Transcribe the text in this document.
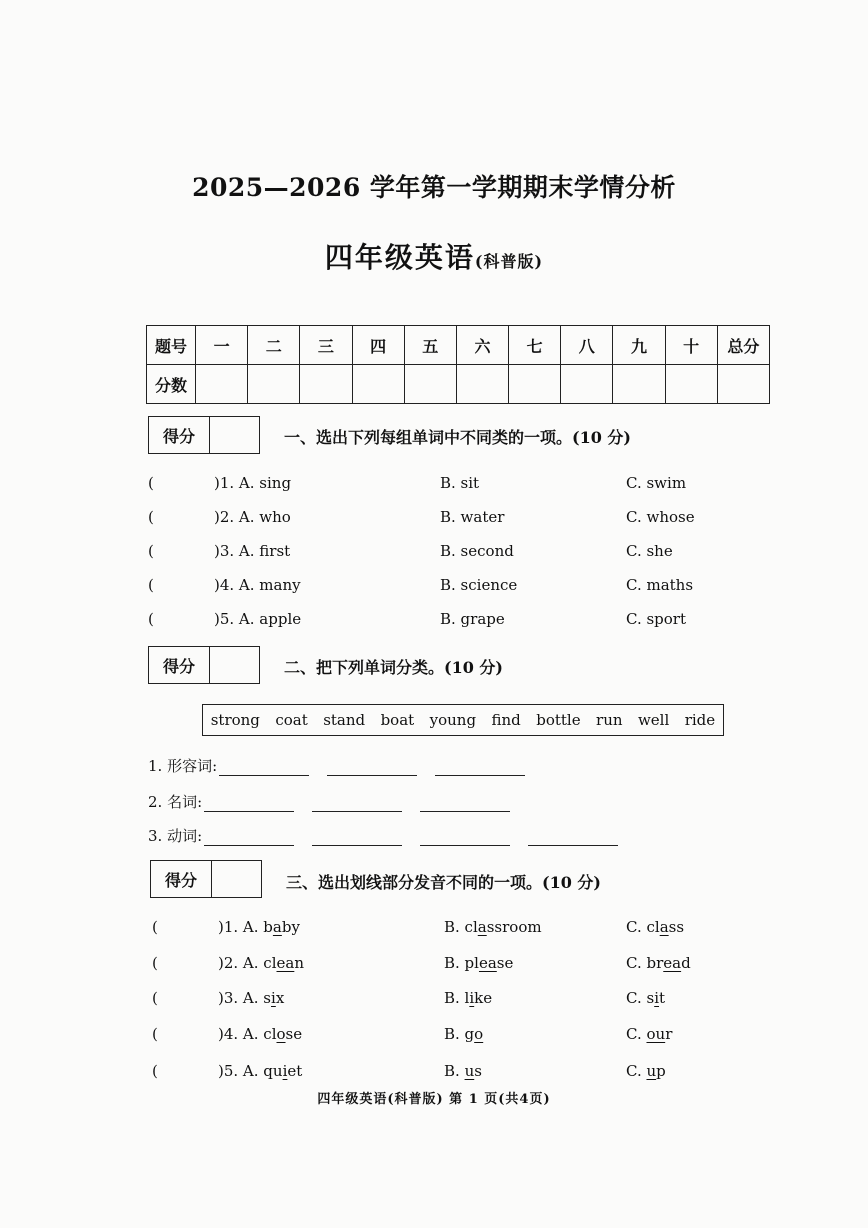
2025—2026 学年第一学期期末学情分析
四年级英语(科普版)
题号	一	二	三	四	五	六	七	八	九	十	总分
分数											
得分	一、选出下列每组单词中不同类的一项。(10 分)
(	)1. A. sing	B. sit	C. swim
(	)2. A. who	B. water	C. whose
(	)3. A. first	B. second	C. she
(	)4. A. many	B. science	C. maths
(	)5. A. apple	B. grape	C. sport
得分	二、把下列单词分类。(10 分)
strong coat stand boat young find bottle run well ride
1. 形容词:
2. 名词:
3. 动词:
得分	三、选出划线部分发音不同的一项。(10 分)
(	)1. A. baby	B. classroom	C. class
(	)2. A. clean	B. please	C. bread
(	)3. A. six	B. like	C. sit
(	)4. A. close	B. go	C. our
(	)5. A. quiet	B. us	C. up
四年级英语(科普版) 第 1 页(共4页)
